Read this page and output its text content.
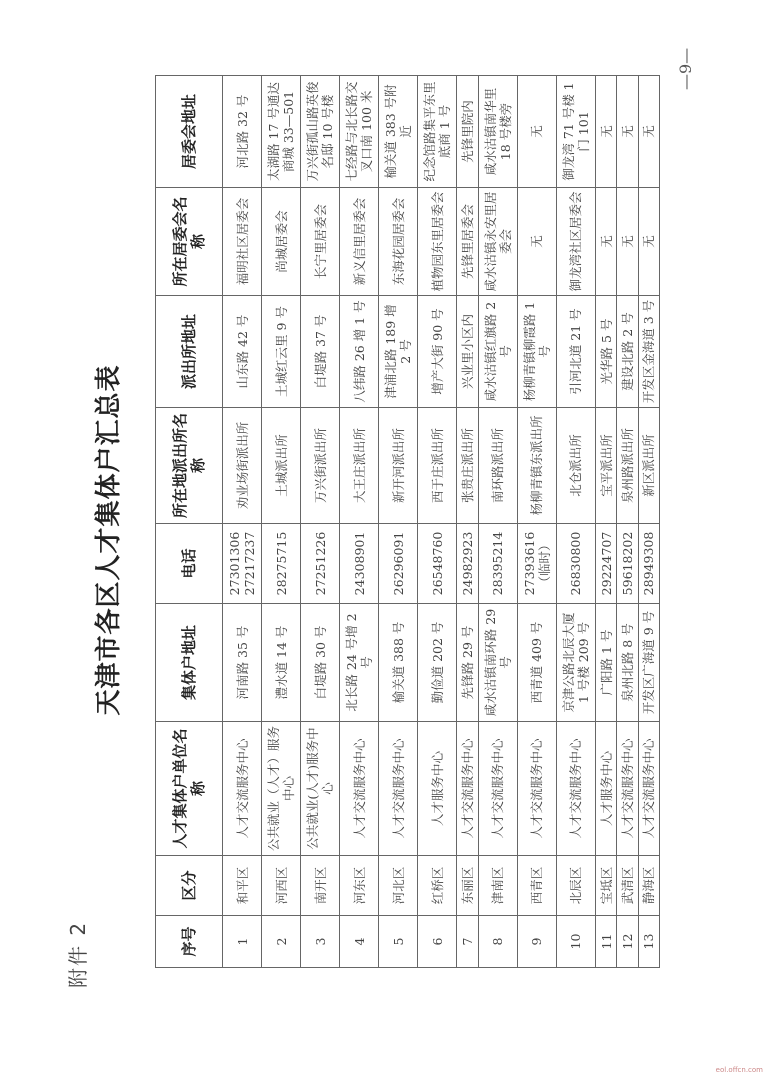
附件 2
天津市各区人才集体户汇总表
序号	区分	人才集体户单位名称	集体户地址	电话	所在地派出所名称	派出所地址	所在居委会名称	居委会地址
1	和平区	人才交流服务中心	河南路 35 号	27301306 27217237	劝业场街派出所	山东路 42 号	福明社区居委会	河北路 32 号
2	河西区	公共就业（人才）服务中心	澧水道 14 号	28275715	土城派出所	土城红云里 9 号	尚城居委会	太湖路 17 号通达商城 33—501
3	南开区	公共就业(人才)服务中心	白堤路 30 号	27251226	万兴街派出所	白堤路 37 号	长宁里居委会	万兴街孤山路英俊名邸 10 号楼
4	河东区	人才交流服务中心	北长路 24 号增 2 号	24308901	大王庄派出所	八纬路 26 增 1 号	新义信里居委会	七经路与北长路交叉口南 100 米
5	河北区	人才交流服务中心	榆关道 388 号	26296091	新开河派出所	津浦北路 189 增 2 号	东海花园居委会	榆关道 383 号附近
6	红桥区	人才服务中心	勤俭道 202 号	26548760	西于庄派出所	增产大街 90 号	植物园东里居委会	纪念馆路集平东里底商 1 号
7	东丽区	人才交流服务中心	先锋路 29 号	24982923	张贵庄派出所	兴业里小区内	先锋里居委会	先锋里院内
8	津南区	人才交流服务中心	咸水沽镇南环路 29 号	28395214	南环路派出所	咸水沽镇红旗路 2 号	咸水沽镇永安里居委会	咸水沽镇南华里 18 号楼旁
9	西青区	人才交流服务中心	西青道 409 号	27393616（临时）	杨柳青镇东派出所	杨柳青镇柳霞路 1 号	无	无
10	北辰区	人才交流服务中心	京津公路北辰大厦 1 号楼 209 号	26830800	北仓派出所	引河北道 21 号	御龙湾社区居委会	御龙湾 71 号楼 1 门 101
11	宝坻区	人才服务中心	广阳路 1 号	29224707	宝平派出所	光华路 5 号	无	无
12	武清区	人才交流服务中心	泉州北路 8 号	59618202	泉州路派出所	建设北路 2 号	无	无
13	静海区	人才交流服务中心	开发区广海道 9 号	28949308	新区派出所	开发区金海道 3 号	无	无
—9—
eol.offcn.com
